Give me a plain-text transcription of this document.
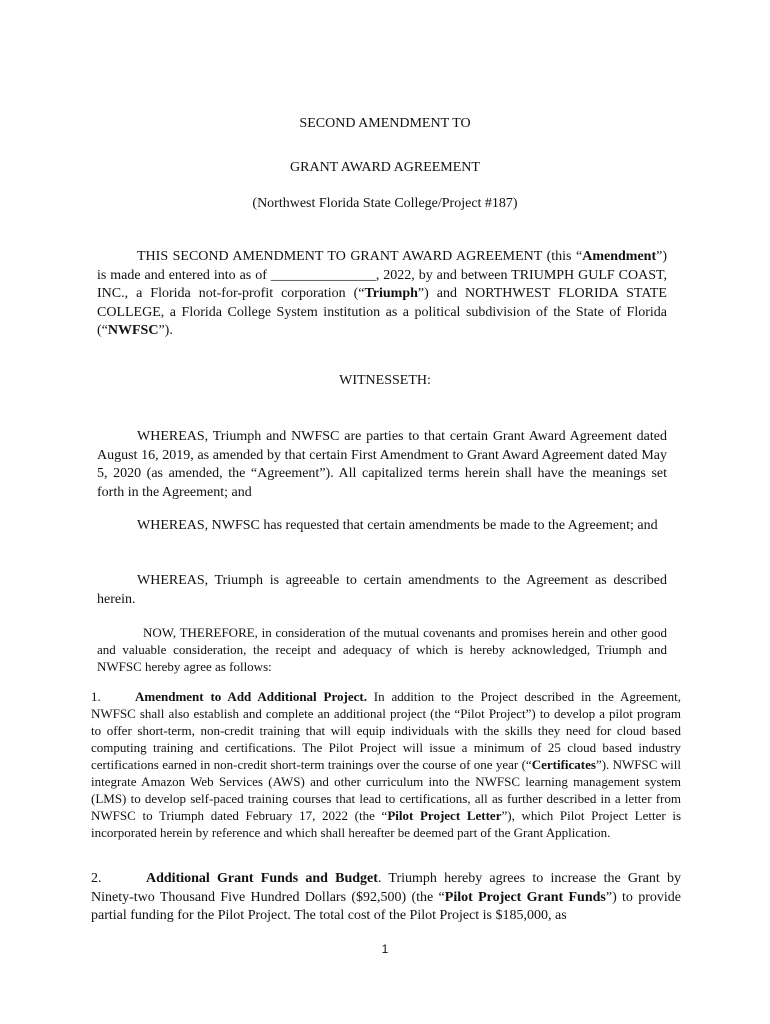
SECOND AMENDMENT TO
GRANT AWARD AGREEMENT
(Northwest Florida State College/Project #187)
THIS SECOND AMENDMENT TO GRANT AWARD AGREEMENT (this “Amendment”) is made and entered into as of _______________, 2022, by and between TRIUMPH GULF COAST, INC., a Florida not-for-profit corporation (“Triumph”) and NORTHWEST FLORIDA STATE COLLEGE, a Florida College System institution as a political subdivision of the State of Florida (“NWFSC”).
WITNESSETH:
WHEREAS, Triumph and NWFSC are parties to that certain Grant Award Agreement dated August 16, 2019, as amended by that certain First Amendment to Grant Award Agreement dated May 5, 2020 (as amended, the “Agreement”). All capitalized terms herein shall have the meanings set forth in the Agreement; and
WHEREAS, NWFSC has requested that certain amendments be made to the Agreement; and
WHEREAS, Triumph is agreeable to certain amendments to the Agreement as described herein.
NOW, THEREFORE, in consideration of the mutual covenants and promises herein and other good and valuable consideration, the receipt and adequacy of which is hereby acknowledged, Triumph and NWFSC hereby agree as follows:
1.	Amendment to Add Additional Project. In addition to the Project described in the Agreement, NWFSC shall also establish and complete an additional project (the “Pilot Project”) to develop a pilot program to offer short-term, non-credit training that will equip individuals with the skills they need for cloud based computing training and certifications. The Pilot Project will issue a minimum of 25 cloud based industry certifications earned in non-credit short-term trainings over the course of one year (“Certificates”). NWFSC will integrate Amazon Web Services (AWS) and other curriculum into the NWFSC learning management system (LMS) to develop self-paced training courses that lead to certifications, all as further described in a letter from NWFSC to Triumph dated February 17, 2022 (the “Pilot Project Letter”), which Pilot Project Letter is incorporated herein by reference and which shall hereafter be deemed part of the Grant Application.
2.	Additional Grant Funds and Budget. Triumph hereby agrees to increase the Grant by Ninety-two Thousand Five Hundred Dollars ($92,500) (the “Pilot Project Grant Funds”) to provide partial funding for the Pilot Project. The total cost of the Pilot Project is $185,000, as
1
